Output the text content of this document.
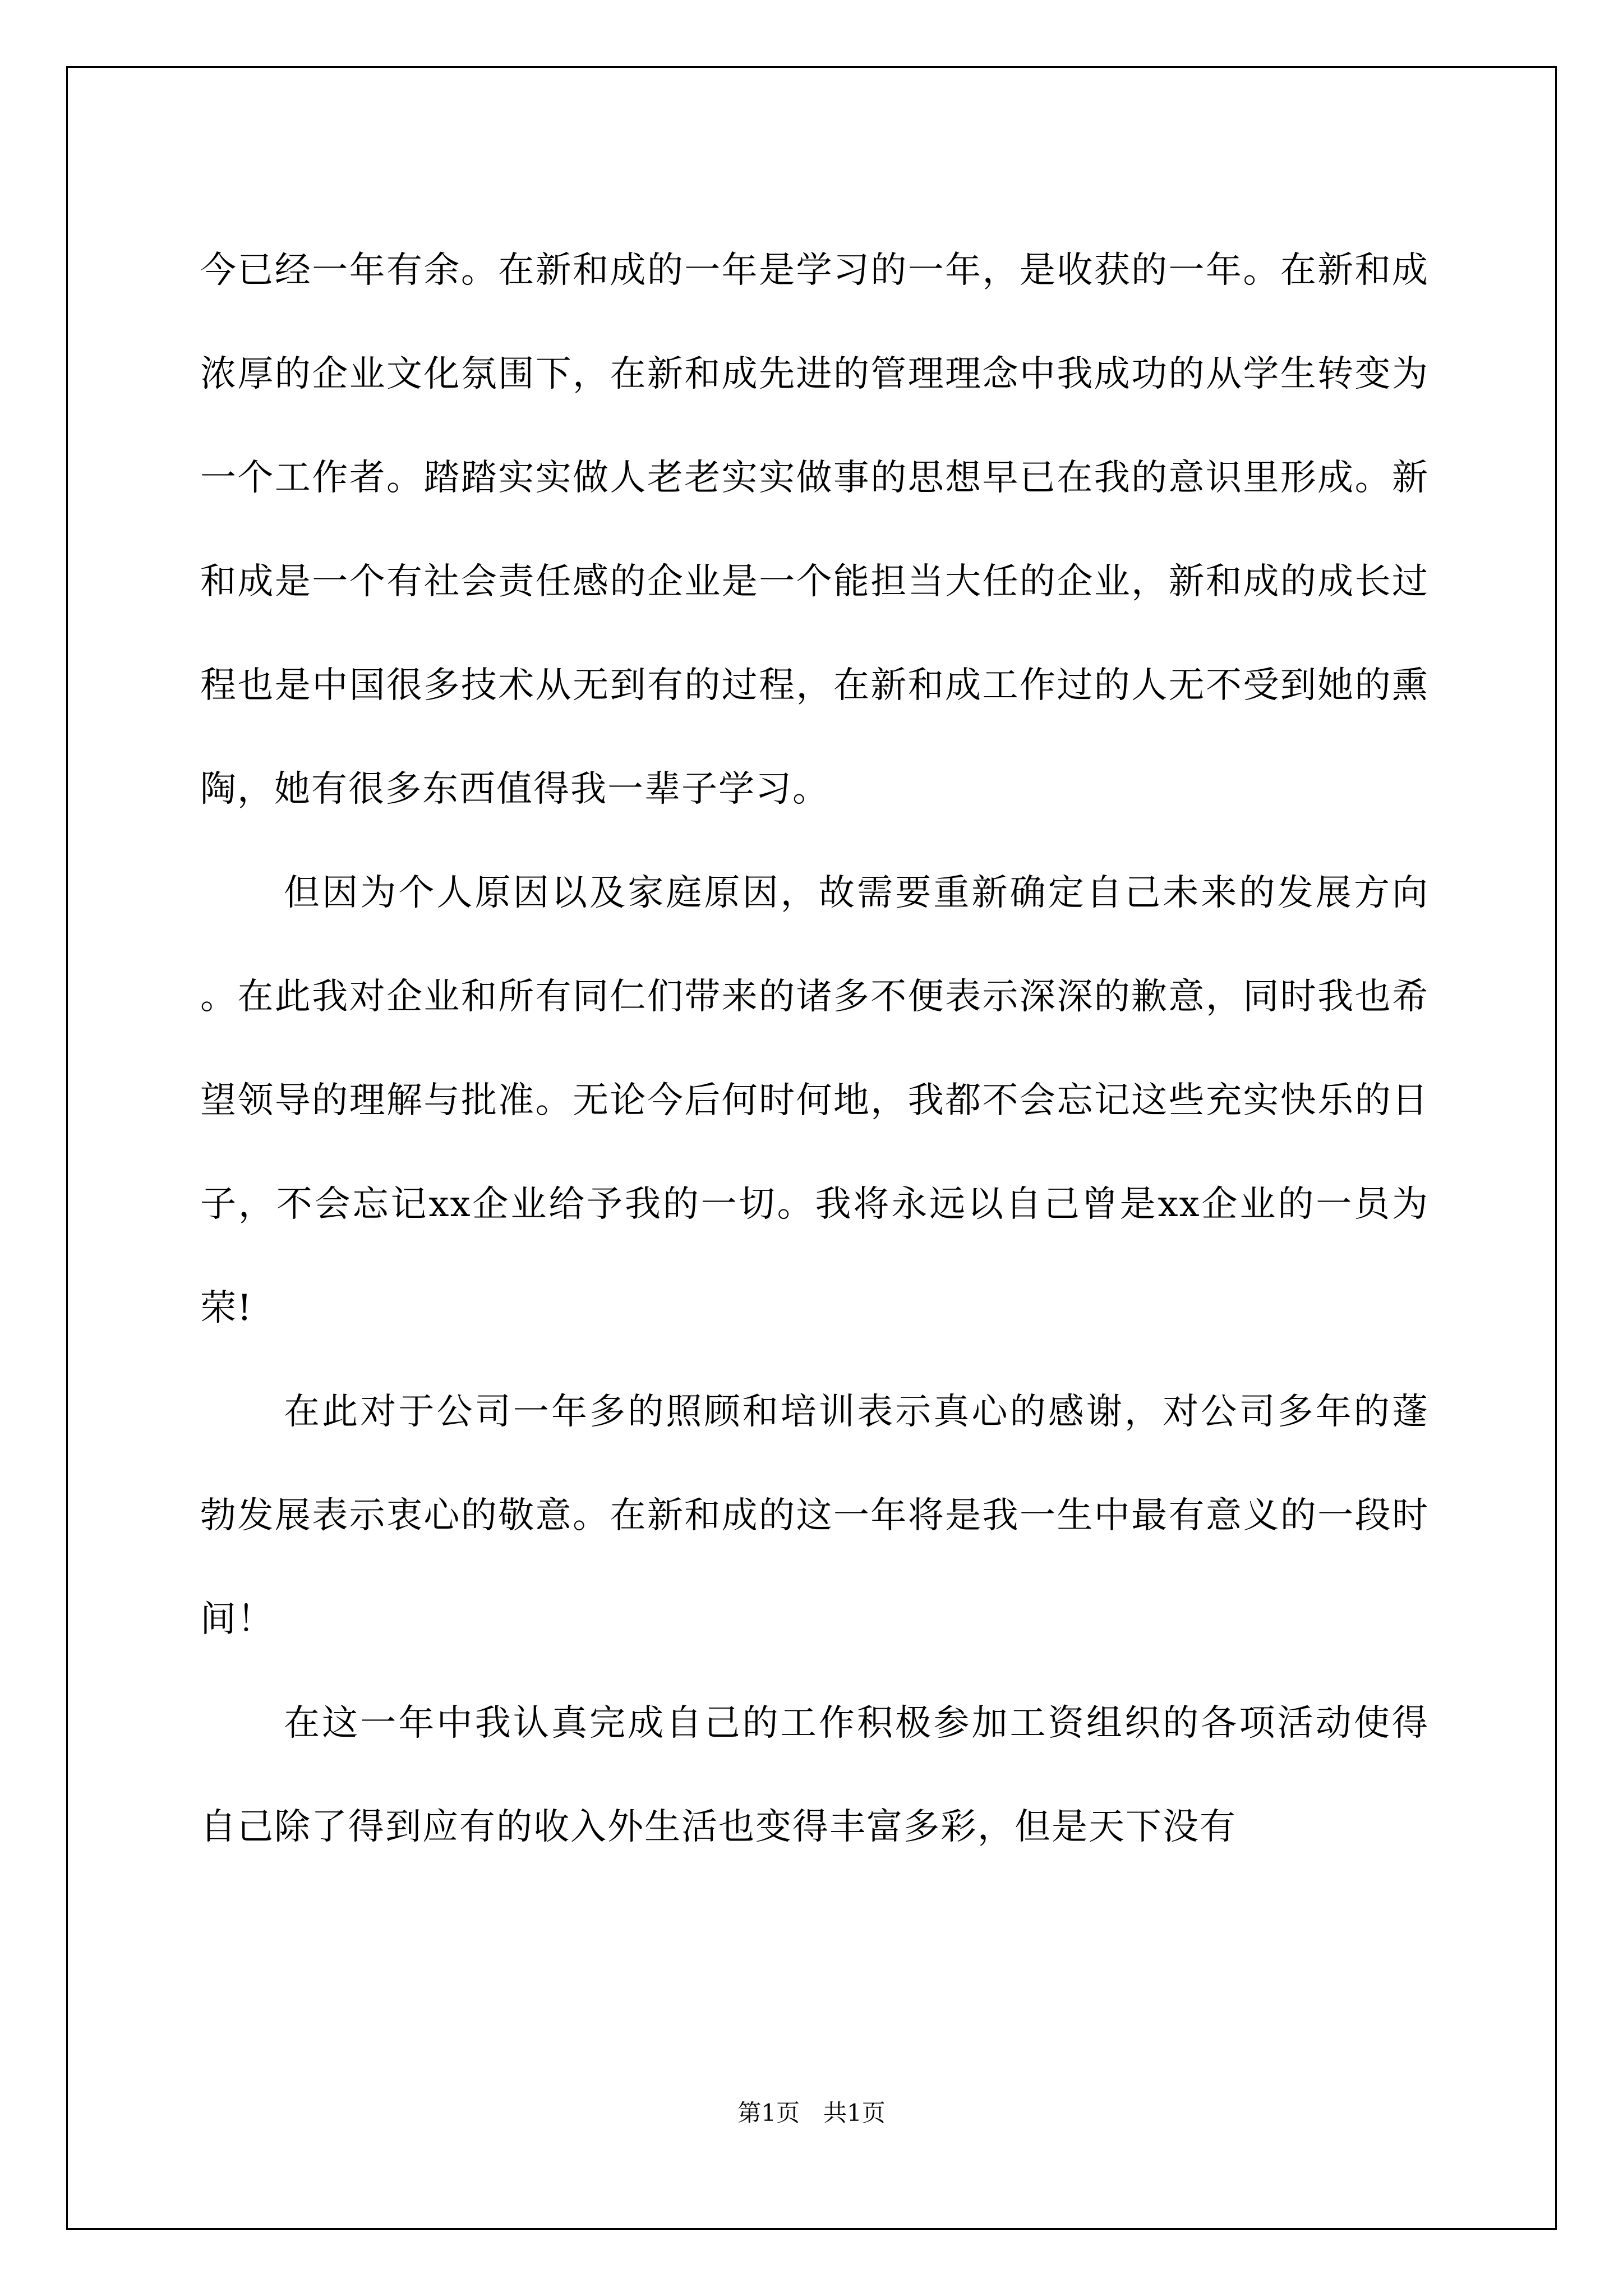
今已经一年有余。在新和成的一年是学习的一年，是收获的一年。在新和成浓厚的企业文化氛围下，在新和成先进的管理理念中我成功的从学生转变为一个工作者。踏踏实实做人老老实实做事的思想早已在我的意识里形成。新和成是一个有社会责任感的企业是一个能担当大任的企业，新和成的成长过程也是中国很多技术从无到有的过程，在新和成工作过的人无不受到她的熏陶，她有很多东西值得我一辈子学习。

但因为个人原因以及家庭原因，故需要重新确定自己未来的发展方向。在此我对企业和所有同仁们带来的诸多不便表示深深的歉意，同时我也希望领导的理解与批准。无论今后何时何地，我都不会忘记这些充实快乐的日子，不会忘记xx企业给予我的一切。我将永远以自己曾是xx企业的一员为荣!

在此对于公司一年多的照顾和培训表示真心的感谢，对公司多年的蓬勃发展表示衷心的敬意。在新和成的这一年将是我一生中最有意义的一段时间！

在这一年中我认真完成自己的工作积极参加工资组织的各项活动使得自己除了得到应有的收入外生活也变得丰富多彩，但是天下没有

第1页　共1页
